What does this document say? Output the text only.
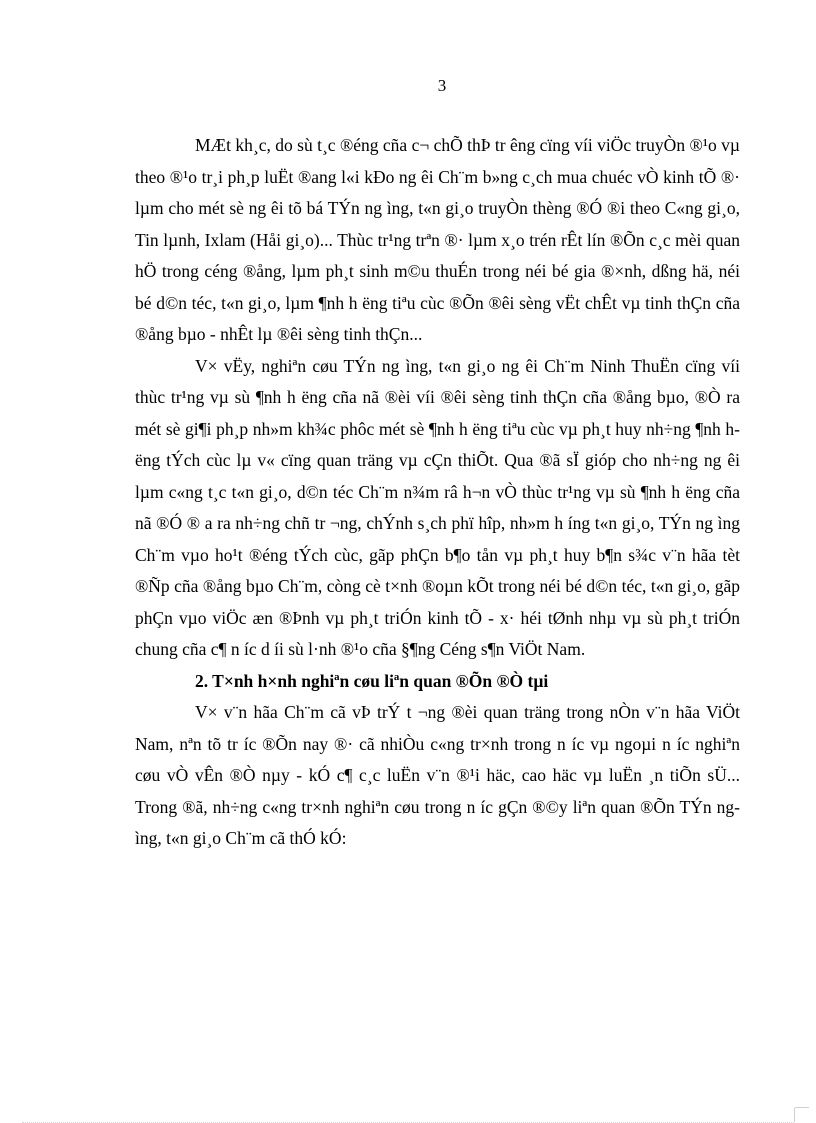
3

MÆt kh¸c, do sù t¸c ®éng cña c¬ chÕ thÞ tr êng cïng víi viÖc truyÒn ®¹o vµ theo ®¹o tr¸i ph¸p luËt ®ang l«i kÐo ng êi Ch¨m b»ng c¸ch mua chuéc vÒ kinh tÕ ®· lµm cho mét sè ng êi tõ bá TÝn ng ìng, t«n gi¸o truyÒn thèng ®Ó ®i theo C«ng gi¸o, Tin lµnh, Ixlam (Håi gi¸o)... Thùc tr¹ng trªn ®· lµm x¸o trén rÊt lín ®Õn c¸c mèi quan hÖ trong céng ®ång, lµm ph¸t sinh m©u thuÉn trong néi bé gia ®×nh, dßng hä, néi bé d©n téc, t«n gi¸o, lµm ¶nh h ëng tiªu cùc ®Õn ®êi sèng vËt chÊt vµ tinh thÇn cña ®ång bµo - nhÊt lµ ®êi sèng tinh thÇn...

V× vËy, nghiªn cøu TÝn ng ìng, t«n gi¸o ng êi Ch¨m Ninh ThuËn cïng víi thùc tr¹ng vµ sù ¶nh h ëng cña nã ®èi víi ®êi sèng tinh thÇn cña ®ång bµo, ®Ò ra mét sè gi¶i ph¸p nh»m kh¾c phôc mét sè ¶nh h ëng tiªu cùc vµ ph¸t huy nh÷ng ¶nh h ëng tÝch cùc lµ v« cïng quan träng vµ cÇn thiÕt. Qua ®ã sÏ gióp cho nh÷ng ng êi lµm c«ng t¸c t«n gi¸o, d©n téc Ch¨m n¾m râ h¬n vÒ thùc tr¹ng vµ sù ¶nh h ëng cña nã ®Ó ® a ra nh÷ng chñ tr ¬ng, chÝnh s¸ch phï hîp, nh»m h íng t«n gi¸o, TÝn ng ìng Ch¨m vµo ho¹t ®éng tÝch cùc, gãp phÇn b¶o tån vµ ph¸t huy b¶n s¾c v¨n hãa tèt ®Ñp cña ®ång bµo Ch¨m, còng cè t×nh ®oµn kÕt trong néi bé d©n téc, t«n gi¸o, gãp phÇn vµo viÖc æn ®Þnh vµ ph¸t triÓn kinh tÕ - x· héi tØnh nhµ vµ sù ph¸t triÓn chung cña c¶ n íc d íi sù l·nh ®¹o cña §¶ng Céng s¶n ViÖt Nam.

2. T×nh h×nh nghiªn cøu liªn quan ®Õn ®Ò tµi

V× v¨n hãa Ch¨m cã vÞ trÝ t ¬ng ®èi quan träng trong nÒn v¨n hãa ViÖt Nam, nªn tõ tr íc ®Õn nay ®· cã nhiÒu c«ng tr×nh trong n íc vµ ngoµi n íc nghiªn cøu vÒ vÊn ®Ò nµy - kÓ c¶ c¸c luËn v¨n ®¹i häc, cao häc vµ luËn ¸n tiÕn sÜ... Trong ®ã, nh÷ng c«ng tr×nh nghiªn cøu trong n íc gÇn ®©y liªn quan ®Õn TÝn ng ìng, t«n gi¸o Ch¨m cã thÓ kÓ:
